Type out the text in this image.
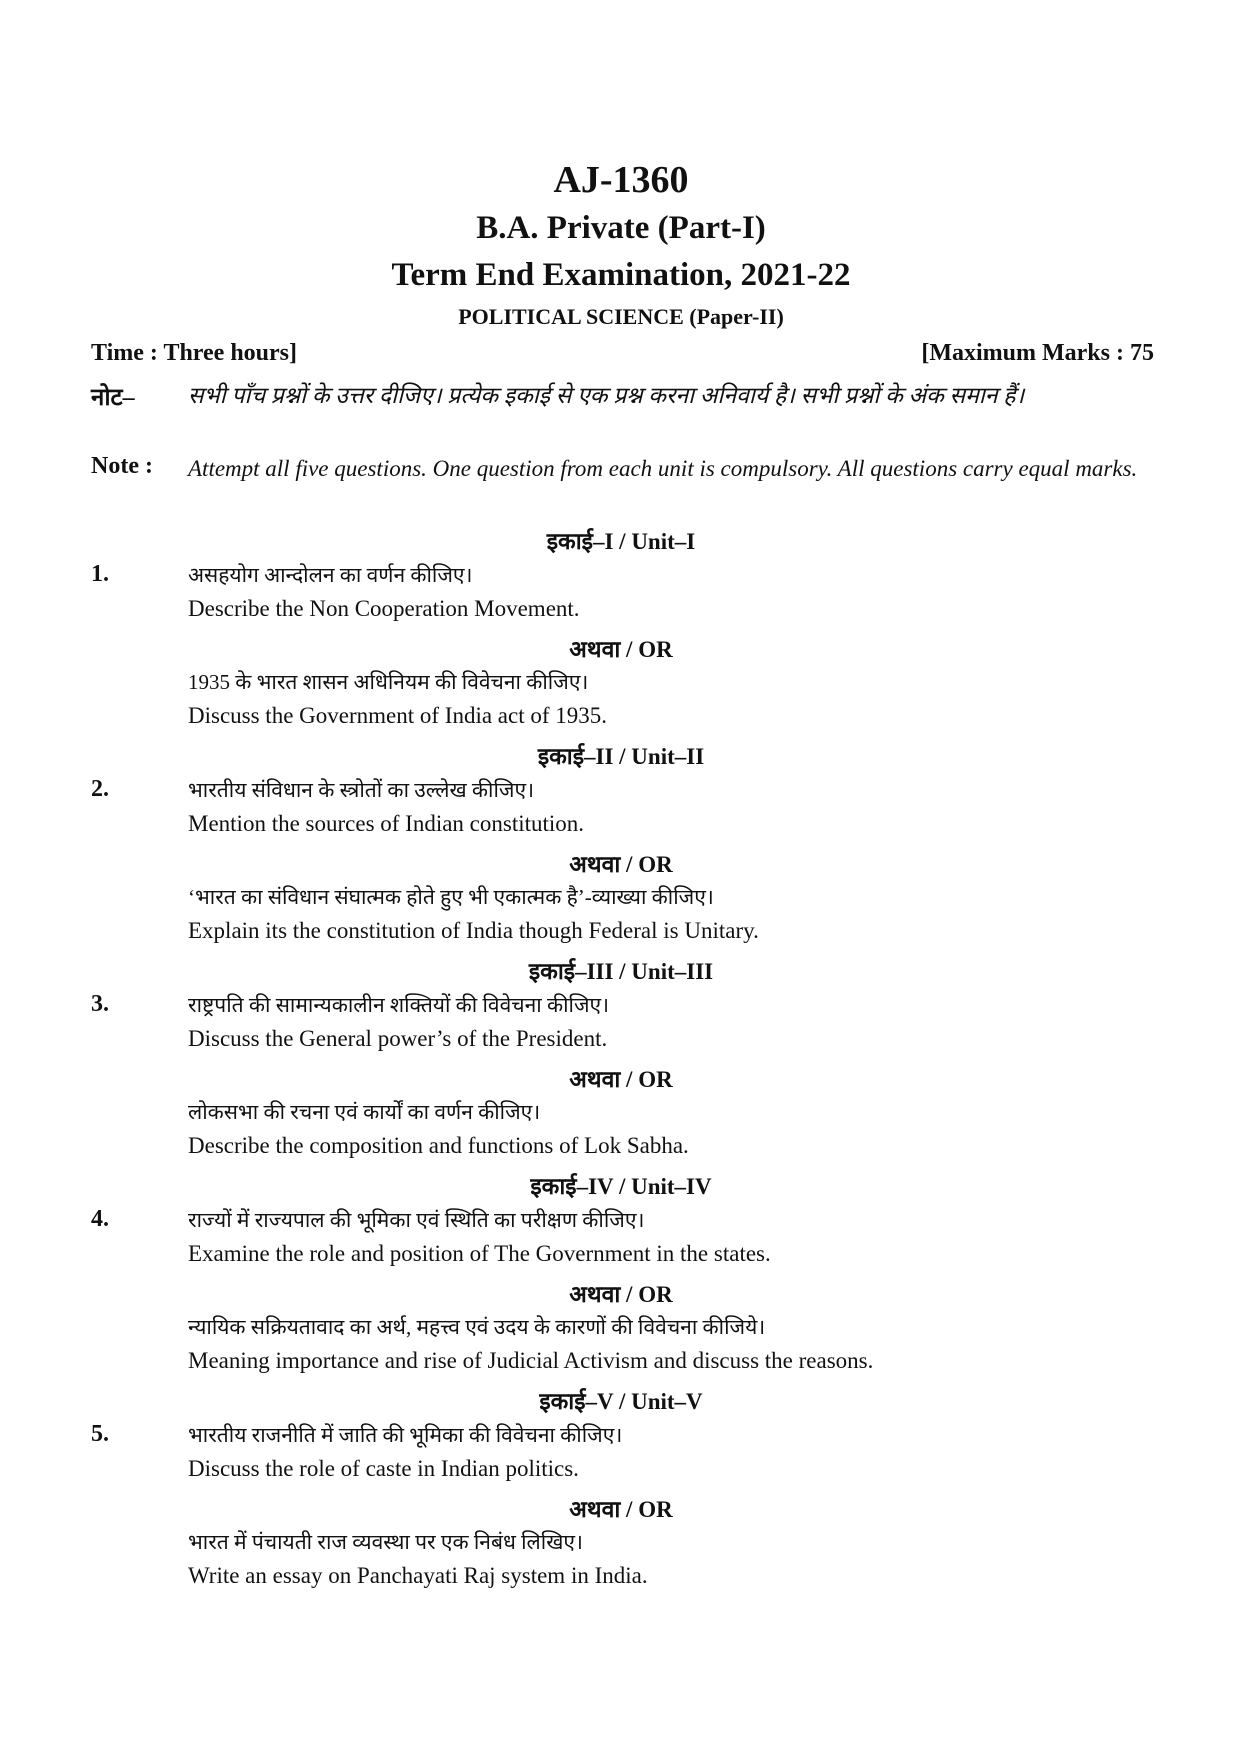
AJ-1360
B.A. Private (Part-I)
Term End Examination, 2021-22
POLITICAL SCIENCE (Paper-II)
Time : Three hours]	[Maximum Marks : 75
नोट– सभी पाँच प्रश्नों के उत्तर दीजिए। प्रत्येक इकाई से एक प्रश्न करना अनिवार्य है। सभी प्रश्नों के अंक समान हैं।
Note : Attempt all five questions. One question from each unit is compulsory. All questions carry equal marks.
इकाई–I / Unit–I
1.	असहयोग आन्दोलन का वर्णन कीजिए।
Describe the Non Cooperation Movement.
अथवा / OR
1935 के भारत शासन अधिनियम की विवेचना कीजिए।
Discuss the Government of India act of 1935.
इकाई–II / Unit–II
2.	भारतीय संविधान के स्त्रोतों का उल्लेख कीजिए।
Mention the sources of Indian constitution.
अथवा / OR
‘भारत का संविधान संघात्मक होते हुए भी एकात्मक है’-व्याख्या कीजिए।
Explain its the constitution of India though Federal is Unitary.
इकाई–III / Unit–III
3.	राष्ट्रपति की सामान्यकालीन शक्तियों की विवेचना कीजिए।
Discuss the General power’s of the President.
अथवा / OR
लोकसभा की रचना एवं कार्यों का वर्णन कीजिए।
Describe the composition and functions of Lok Sabha.
इकाई–IV / Unit–IV
4.	राज्यों में राज्यपाल की भूमिका एवं स्थिति का परीक्षण कीजिए।
Examine the role and position of The Government in the states.
अथवा / OR
न्यायिक सक्रियतावाद का अर्थ, महत्त्व एवं उदय के कारणों की विवेचना कीजिये।
Meaning importance and rise of Judicial Activism and discuss the reasons.
इकाई–V / Unit–V
5.	भारतीय राजनीति में जाति की भूमिका की विवेचना कीजिए।
Discuss the role of caste in Indian politics.
अथवा / OR
भारत में पंचायती राज व्यवस्था पर एक निबंध लिखिए।
Write an essay on Panchayati Raj system in India.
